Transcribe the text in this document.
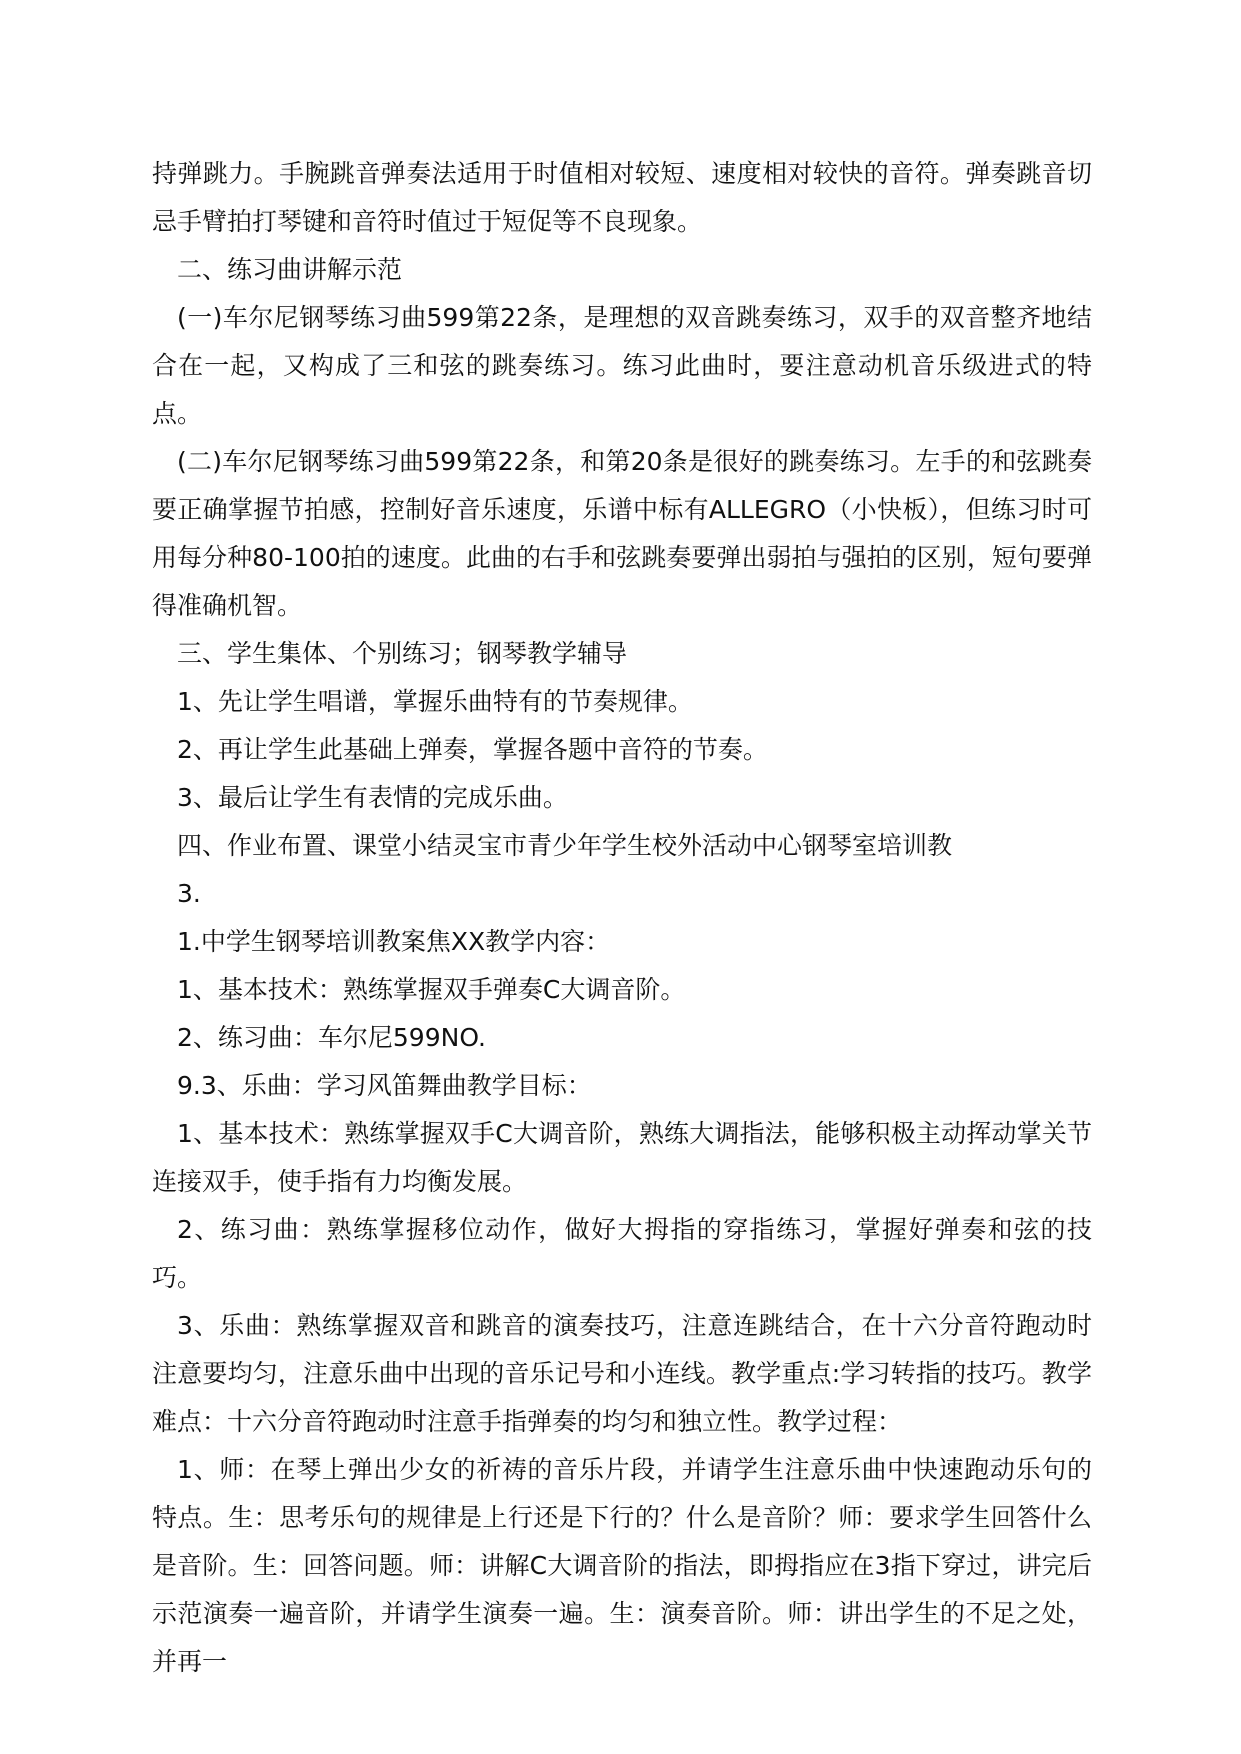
持弹跳力。手腕跳音弹奏法适用于时值相对较短、速度相对较快的音符。弹奏跳音切忌手臂拍打琴键和音符时值过于短促等不良现象。

二、练习曲讲解示范

(一)车尔尼钢琴练习曲599第22条，是理想的双音跳奏练习，双手的双音整齐地结合在一起，又构成了三和弦的跳奏练习。练习此曲时，要注意动机音乐级进式的特点。

(二)车尔尼钢琴练习曲599第22条，和第20条是很好的跳奏练习。左手的和弦跳奏要正确掌握节拍感，控制好音乐速度，乐谱中标有ALLEGRO（小快板），但练习时可用每分种80-100拍的速度。此曲的右手和弦跳奏要弹出弱拍与强拍的区别，短句要弹得准确机智。

三、学生集体、个别练习；钢琴教学辅导

1、先让学生唱谱，掌握乐曲特有的节奏规律。

2、再让学生此基础上弹奏，掌握各题中音符的节奏。

3、最后让学生有表情的完成乐曲。

四、作业布置、课堂小结灵宝市青少年学生校外活动中心钢琴室培训教

3.

1.中学生钢琴培训教案焦XX教学内容：

1、基本技术：熟练掌握双手弹奏C大调音阶。

2、练习曲：车尔尼599NO.

9.3、乐曲：学习风笛舞曲教学目标：

1、基本技术：熟练掌握双手C大调音阶，熟练大调指法，能够积极主动挥动掌关节连接双手，使手指有力均衡发展。

2、练习曲：熟练掌握移位动作，做好大拇指的穿指练习，掌握好弹奏和弦的技巧。

3、乐曲：熟练掌握双音和跳音的演奏技巧，注意连跳结合，在十六分音符跑动时注意要均匀，注意乐曲中出现的音乐记号和小连线。教学重点:学习转指的技巧。教学难点：十六分音符跑动时注意手指弹奏的均匀和独立性。教学过程：

1、师：在琴上弹出少女的祈祷的音乐片段，并请学生注意乐曲中快速跑动乐句的特点。生：思考乐句的规律是上行还是下行的？什么是音阶？师：要求学生回答什么是音阶。生：回答问题。师：讲解C大调音阶的指法，即拇指应在3指下穿过，讲完后示范演奏一遍音阶，并请学生演奏一遍。生：演奏音阶。师：讲出学生的不足之处，并再一
